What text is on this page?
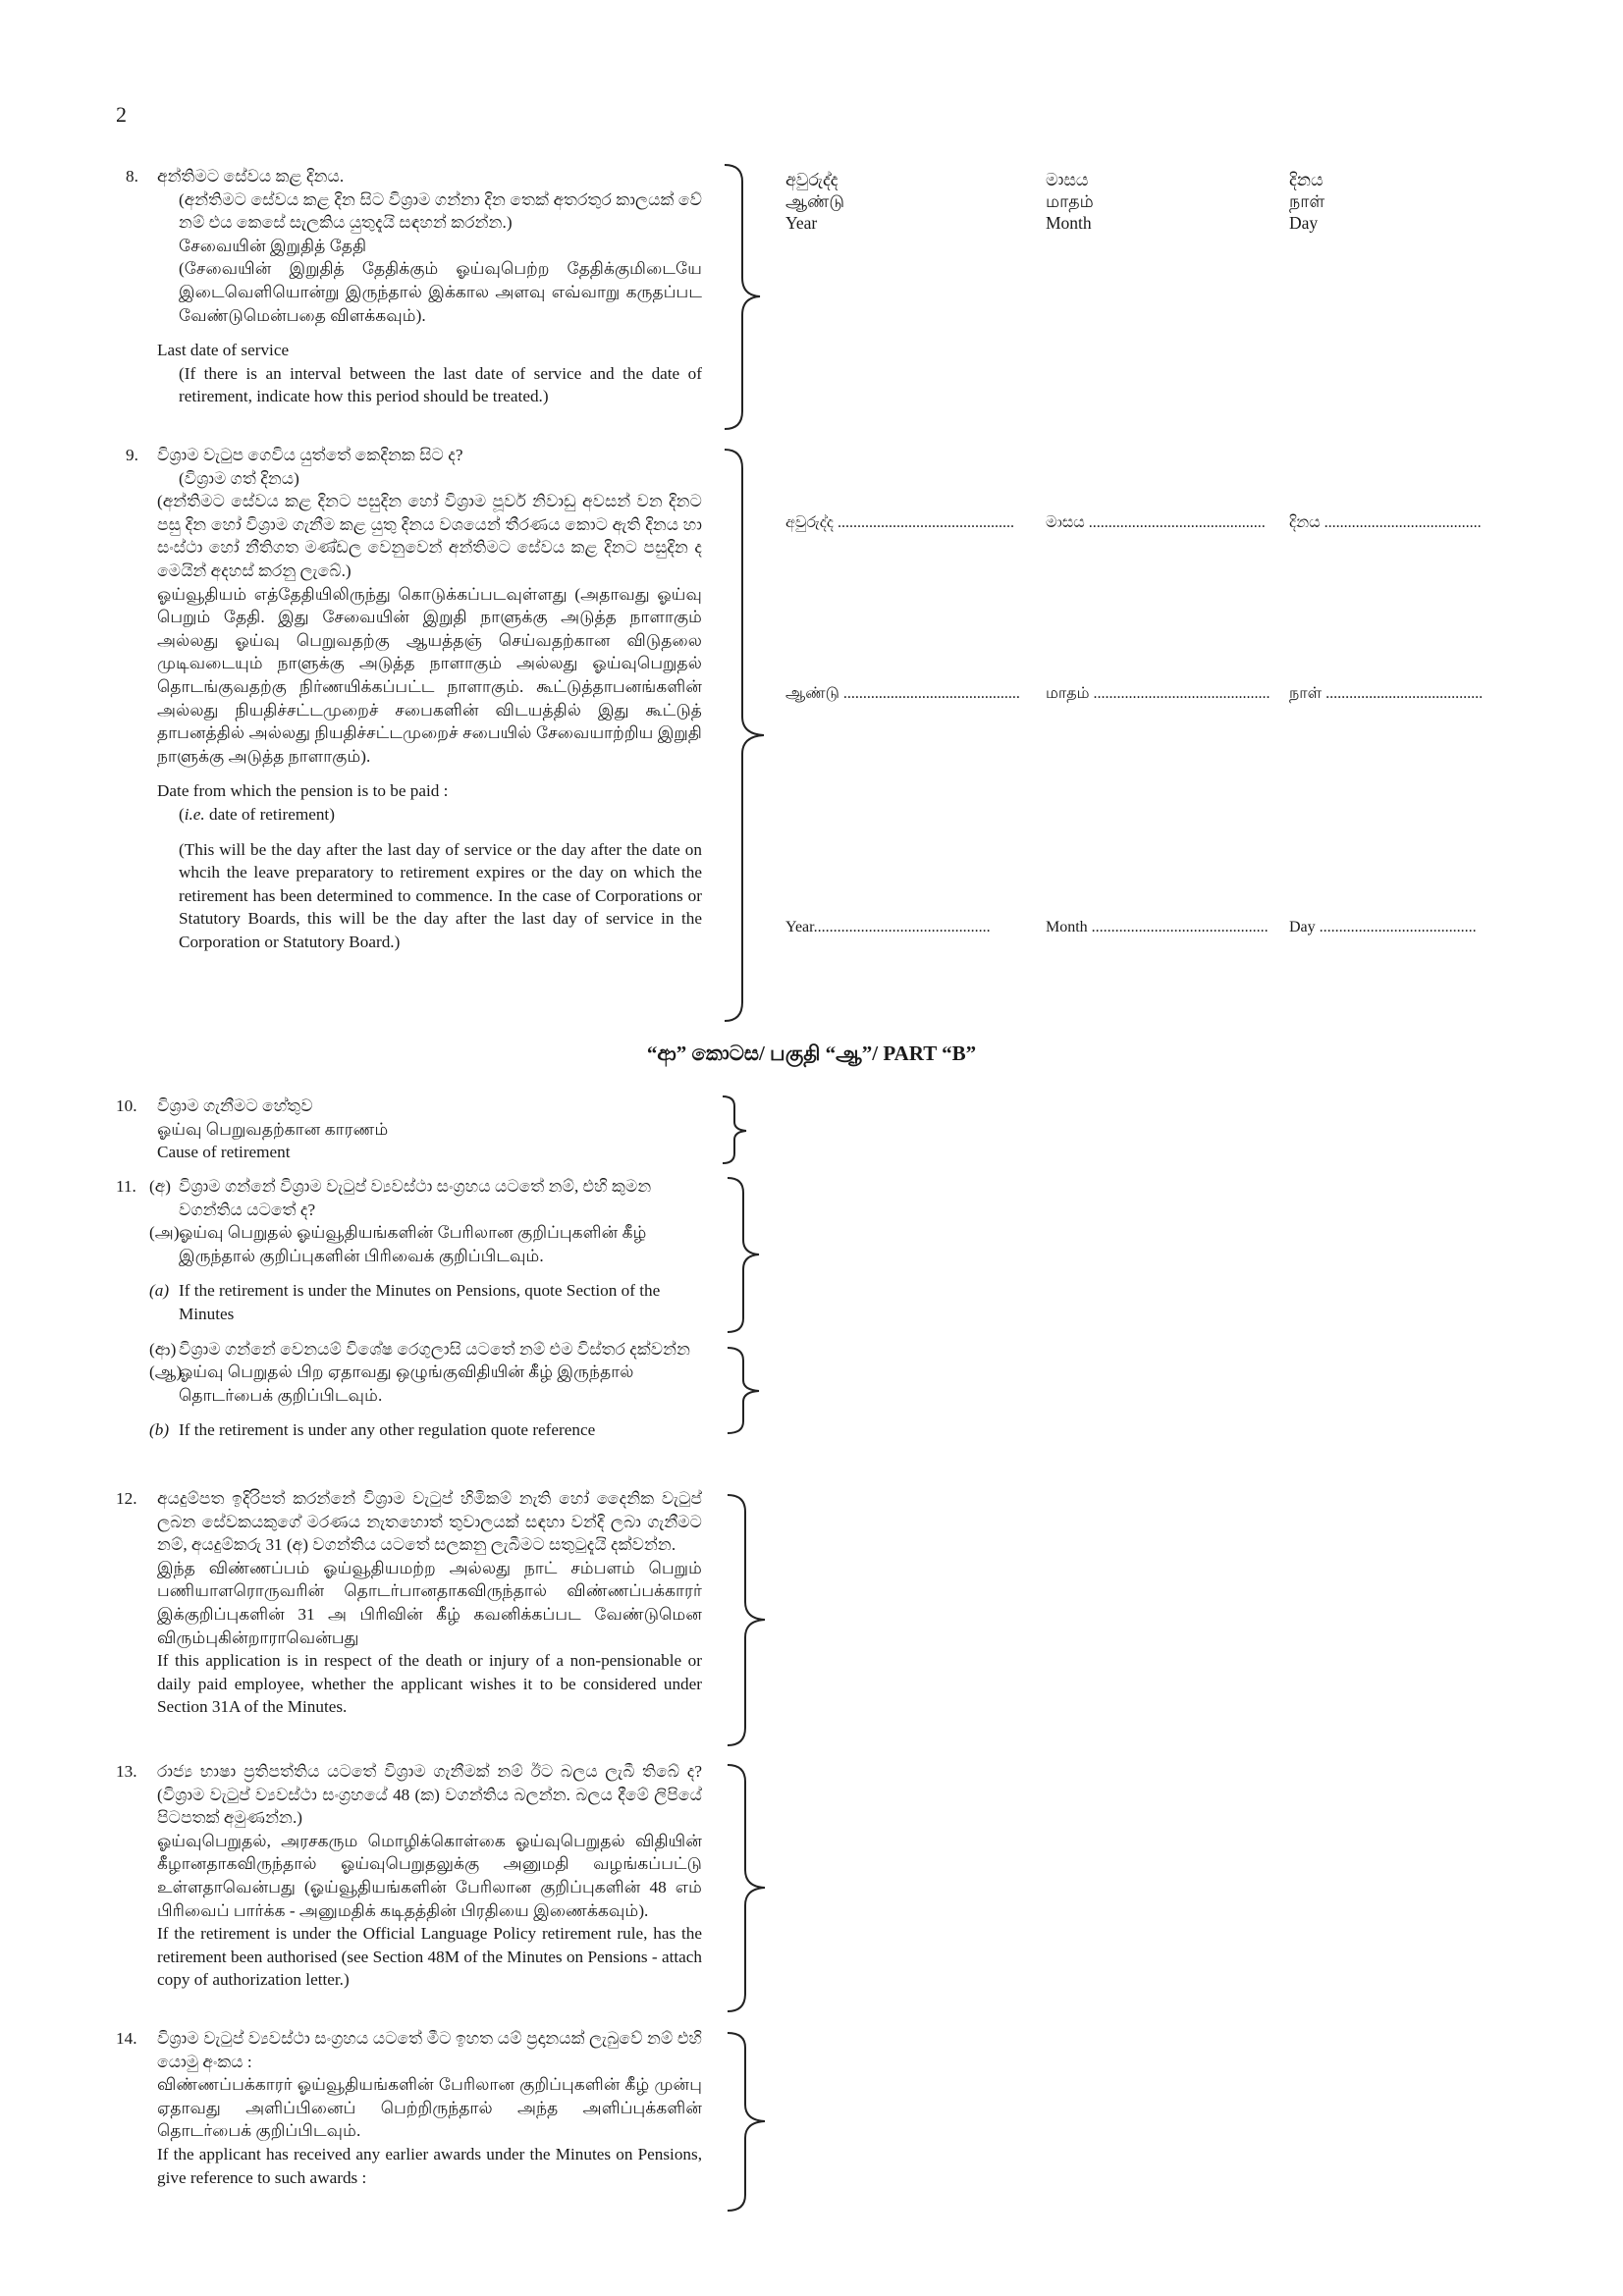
2
8. අන්තිමට සේවය කළ දිනය.
(අන්තිමට සේවය කළ දින සිට විශ්‍රාම ගන්නා දින තෙක් අතරතුර කාලයක් වේ නම් එය කෙසේ සැලකිය යුතුදැයි සඳහන් කරන්න.)
சேவையின் இறுதித் தேதி
(சேவையின் இறுதித் தேதிக்கும் ஓய்வுபெற்ற தேதிக்குமிடையே இடைவெளியொன்று இருந்தால் இக்கால அளவு எவ்வாறு கருதப்பட வேண்டுமென்பதை விளக்கவும்).
Last date of service
(If there is an interval between the last date of service and the date of retirement, indicate how this period should be treated.)
අවුරුද්ද
ஆண்டு
Year
මාසය
மாதம்
Month
දිනය
நாள்
Day
9. විශ්‍රාම වැටුප ගෙවිය යුත්තේ කෙදිනක සිට ද?
(විශ්‍රාම ගත් දිනය)
(අන්තිමට සේවය කළ දිනට පසුදින හෝ විශ්‍රාම පූර්ව නිවාඩු අවසන් වන දිනට පසු දින හෝ විශ්‍රාම ගැනීම කළ යුතු දිනය වශයෙන් තීරණය කොට ඇති දිනය හා සංස්ථා හෝ නීතිගත මණ්ඩල වෙනුවෙන් අන්තිමට සේවය කළ දිනට පසුදින ද මෙයින් අදහස් කරනු ලැබේ.)
ஓய்வூதியம் எத்தேதியிலிருந்து கொடுக்கப்படவுள்ளது (அதாவது ஓய்வு பெறும் தேதி. இது சேவையின் இறுதி நாளுக்கு அடுத்த நாளாகும் அல்லது ஓய்வு பெறுவதற்கு ஆயத்தஞ் செய்வதற்கான விடுதலை முடிவடையும் நாளுக்கு அடுத்த நாளாகும் அல்லது ஓய்வுபெறுதல் தொடங்குவதற்கு நிர்ணயிக்கப்பட்ட நாளாகும். கூட்டுத்தாபனங்களின் அல்லது நியதிச்சட்டமுறைச் சபைகளின் விடயத்தில் இது கூட்டுத் தாபனத்தில் அல்லது நியதிச்சட்டமுறைச் சபையில் சேவையாற்றிய இறுதி நாளுக்கு அடுத்த நாளாகும்).
Date from which the pension is to be paid :
(i.e. date of retirement)
(This will be the day after the last day of service or the day after the date on whcih the leave preparatory to retirement expires or the day on which the retirement has been determined to commence. In the case of Corporations or Statutory Boards, this will be the day after the last day of service in the Corporation or Statutory Board.)
අවුරුද්ද ............................................. මාසය ............................................. දිනය ........................................
ஆண்டு ............................................. மாதம் ............................................. நாள் ........................................
Year.............................................	Month ............................................. Day ........................................
“ආ” කොටස/ பகுதி “ஆ”/ PART “B”
10. විශ්‍රාම ගැනීමට හේතුව
ஓய்வு பெறுவதற்கான காரணம்
Cause of retirement
11. (අ) විශ්‍රාම ගන්නේ විශ්‍රාම වැටුප් ව්‍යවස්ථා සංග්‍රහය යටතේ නම්, එහි කුමන වගන්තිය යටතේ ද?
(அ) ஓய்வு பெறுதல் ஓய்வூதியங்களின் பேரிலான குறிப்புகளின் கீழ் இருந்தால் குறிப்புகளின் பிரிவைக் குறிப்பிடவும்.
(a) If the retirement is under the Minutes on Pensions, quote Section of the Minutes
(ආ) විශ්‍රාම ගන්නේ වෙනයම් විශේෂ රෙගුලාසි යටතේ නම් එම විස්තර දක්වන්න
(ஆ)
ஓய்வு பெறுதல் பிற ஏதாவது ஒழுங்குவிதியின் கீழ் இருந்தால் தொடர்பைக் குறிப்பிடவும்.
(b) If the retirement is under any other regulation quote reference
12. අයදුම්පත ඉදිරිපත් කරන්නේ විශ්‍රාම වැටුප් හිමිකම් නැති හෝ දෛනික වැටුප් ලබන සේවකයකුගේ මරණය නැතහොත් තුවාලයක් සඳහා වන්දි ලබා ගැනීමට නම්, අයදුම්කරු 31 (අ) වගන්තිය යටතේ සලකනු ලැබීමට සතුටුදැයි දක්වන්න.
இந்த விண்ணப்பம் ஓய்வூதியமற்ற அல்லது நாட் சம்பளம் பெறும் பணியாளரொருவரின் தொடர்பானதாகவிருந்தால் விண்ணப்பக்காரர் இக்குறிப்புகளின் 31 அ பிரிவின் கீழ் கவனிக்கப்பட வேண்டுமென விரும்புகின்றாராவென்பது
If this application is in respect of the death or injury of a non-pensionable or daily paid employee, whether the applicant wishes it to be considered under Section 31A of the Minutes.
13. රාජ්‍ය භාෂා ප්‍රතිපත්තිය යටතේ විශ්‍රාම ගැනීමක් නම් ඊට බලය ලැබී තිබේ ද? (විශ්‍රාම වැටුප් ව්‍යවස්ථා සංග්‍රහයේ 48 (ක) වගන්තිය බලන්න. බලය දීමේ ලිපියේ පිටපතක් අමුණන්න.)
ஓய்வுபெறுதல், அரசகரும மொழிக்கொள்கை ஓய்வுபெறுதல் விதியின் கீழானதாகவிருந்தால் ஓய்வுபெறுதலுக்கு அனுமதி வழங்கப்பட்டு உள்ளதாவென்பது (ஓய்வூதியங்களின் பேரிலான குறிப்புகளின் 48 எம் பிரிவைப் பார்க்க - அனுமதிக் கடிதத்தின் பிரதியை இணைக்கவும்).
If the retirement is under the Official Language Policy retirement rule, has the retirement been authorised (see Section 48M of the Minutes on Pensions - attach copy of authorization letter.)
14. විශ්‍රාම වැටුප් ව්‍යවස්ථා සංග්‍රහය යටතේ මීට ඉහත යම් ප්‍රදානයක් ලැබුවේ නම් එහි යොමු අංකය :
விண்ணப்பக்காரர் ஓய்வூதியங்களின் பேரிலான குறிப்புகளின் கீழ் முன்பு ஏதாவது அளிப்பினைப் பெற்றிருந்தால் அந்த அளிப்புக்களின் தொடர்பைக் குறிப்பிடவும்.
If the applicant has received any earlier awards under the Minutes on Pensions, give reference to such awards :
